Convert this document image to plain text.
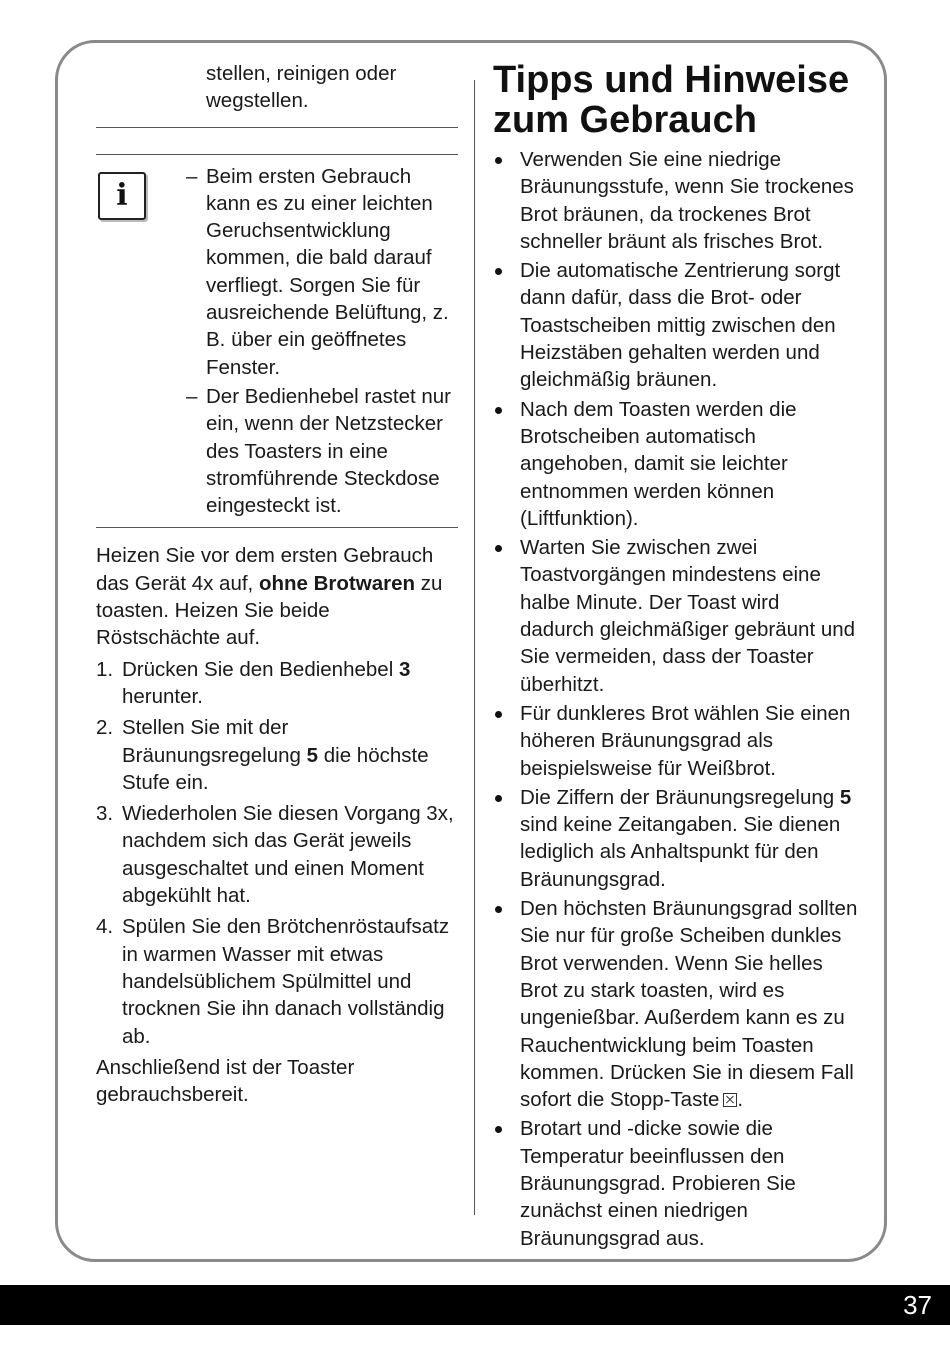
stellen, reinigen oder wegstellen.

i
– Beim ersten Gebrauch kann es zu einer leichten Geruchsentwicklung kommen, die bald darauf verfliegt. Sorgen Sie für ausreichende Belüftung, z. B. über ein geöffnetes Fenster.
– Der Bedienhebel rastet nur ein, wenn der Netzstecker des Toasters in eine stromführende Steckdose eingesteckt ist.

Heizen Sie vor dem ersten Gebrauch das Gerät 4x auf, ohne Brotwaren zu toasten. Heizen Sie beide Röstschächte auf.

1. Drücken Sie den Bedienhebel 3 herunter.
2. Stellen Sie mit der Bräunungsregelung 5 die höchste Stufe ein.
3. Wiederholen Sie diesen Vorgang 3x, nachdem sich das Gerät jeweils ausgeschaltet und einen Moment abgekühlt hat.
4. Spülen Sie den Brötchenröstaufsatz in warmen Wasser mit etwas handelsüblichem Spülmittel und trocknen Sie ihn danach vollständig ab.

Anschließend ist der Toaster gebrauchsbereit.

Tipps und Hinweise zum Gebrauch
Verwenden Sie eine niedrige Bräunungsstufe, wenn Sie trockenes Brot bräunen, da trockenes Brot schneller bräunt als frisches Brot.
Die automatische Zentrierung sorgt dann dafür, dass die Brot- oder Toastscheiben mittig zwischen den Heizstäben gehalten werden und gleichmäßig bräunen.
Nach dem Toasten werden die Brotscheiben automatisch angehoben, damit sie leichter entnommen werden können (Liftfunktion).
Warten Sie zwischen zwei Toastvorgängen mindestens eine halbe Minute. Der Toast wird dadurch gleichmäßiger gebräunt und Sie vermeiden, dass der Toaster überhitzt.
Für dunkleres Brot wählen Sie einen höheren Bräunungsgrad als beispielsweise für Weißbrot.
Die Ziffern der Bräunungsregelung 5 sind keine Zeitangaben. Sie dienen lediglich als Anhaltspunkt für den Bräunungsgrad.
Den höchsten Bräunungsgrad sollten Sie nur für große Scheiben dunkles Brot verwenden. Wenn Sie helles Brot zu stark toasten, wird es ungenießbar. Außerdem kann es zu Rauchentwicklung beim Toasten kommen. Drücken Sie in diesem Fall sofort die Stopp-Taste .
Brotart und -dicke sowie die Temperatur beeinflussen den Bräunungsgrad. Probieren Sie zunächst einen niedrigen Bräunungsgrad aus.
37
